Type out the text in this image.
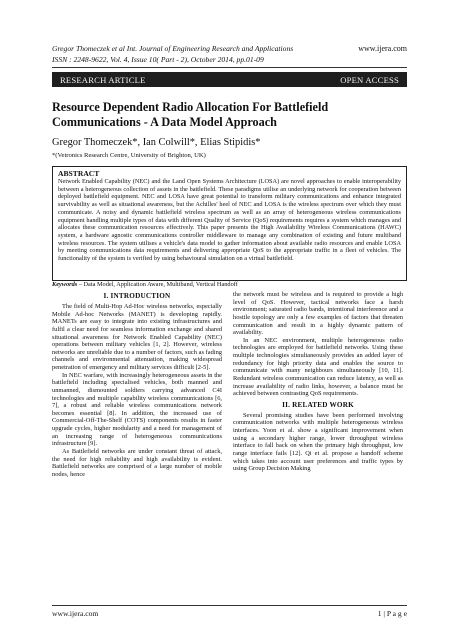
Gregor Thomeczek et al Int. Journal of Engineering Research and Applications	www.ijera.com
ISSN : 2248-9622, Vol. 4, Issue 10( Part - 2), October 2014, pp.01-09
RESEARCH ARTICLE	OPEN ACCESS
Resource Dependent Radio Allocation For Battlefield Communications - A Data Model Approach
Gregor Thomeczek*, Ian Colwill*, Elias Stipidis*
*(Vetronics Research Centre, University of Brighton, UK)
ABSTRACT
Network Enabled Capability (NEC) and the Land Open Systems Architecture (LOSA) are novel approaches to enable interoperability between a heterogeneous collection of assets in the battlefield. These paradigms utilise an underlying network for cooperation between deployed battlefield equipment. NEC and LOSA have great potential to transform military communications and enhance integrated survivability as well as situational awareness, but the Achilles' heel of NEC and LOSA is the wireless spectrum over which they must communicate. A noisy and dynamic battlefield wireless spectrum as well as an array of heterogeneous wireless communications equipment handling multiple types of data with different Quality of Service (QoS) requirements requires a system which manages and allocates these communication resources effectively. This paper presents the High Availability Wireless Communications (HAWC) system, a hardware agnostic communications controller middleware to manage any combination of existing and future multiband wireless resources. The system utilises a vehicle's data model to gather information about available radio resources and enable LOSA by meeting communications data requirements and delivering appropriate QoS to the appropriate traffic in a fleet of vehicles. The functionality of the system is verified by using behavioural simulation on a virtual battlefield.
Keywords – Data Model, Application Aware, Multiband, Vertical Handoff
I. INTRODUCTION

The field of Multi-Hop Ad-Hoc wireless networks, especially Mobile Ad-hoc Networks (MANET) is developing rapidly. MANETs are easy to integrate into existing infrastructures and fulfil a clear need for seamless information exchange and shared situational awareness for Network Enabled Capability (NEC) operations between military vehicles [1, 2]. However, wireless networks are unreliable due to a number of factors, such as fading channels and environmental attenuation, making widespread penetration of emergency and military services difficult [2-5].

In NEC warfare, with increasingly heterogeneous assets in the battlefield including specialised vehicles, both manned and unmanned, dismounted soldiers carrying advanced C4I technologies and multiple capability wireless communications [6, 7], a robust and reliable wireless communications network becomes essential [8]. In addition, the increased use of Commercial-Off-The-Shelf (COTS) components results in faster upgrade cycles, higher modularity and a need for management of an increasing range of heterogeneous communications infrastructure [9].

As Battlefield networks are under constant threat of attack, the need for high reliability and high availability is evident. Battlefield networks are comprised of a large number of mobile nodes, hence

the network must be wireless and is required to provide a high level of QoS. However, tactical networks face a harsh environment; saturated radio bands, intentional interference and a hostile topology are only a few examples of factors that threaten communication and result in a highly dynamic pattern of availability.

In an NEC environment, multiple heterogeneous radio technologies are employed for battlefield networks. Using these multiple technologies simultaneously provides an added layer of redundancy for high priority data and enables the source to communicate with many neighbours simultaneously [10, 11]. Redundant wireless communication can reduce latency, as well as increase availability of radio links, however, a balance must be achieved between contrasting QoS requirements.

II. RELATED WORK

Several promising studies have been performed involving communication networks with multiple heterogeneous wireless interfaces. Yoon et al. show a significant improvement when using a secondary higher range, lower throughput wireless interface to fall back on when the primary high throughput, low range interface fails [12]. Qi et al. propose a handoff scheme which takes into account user preferences and traffic types by using Group Decision Making

www.ijera.com	1 | P a g e
